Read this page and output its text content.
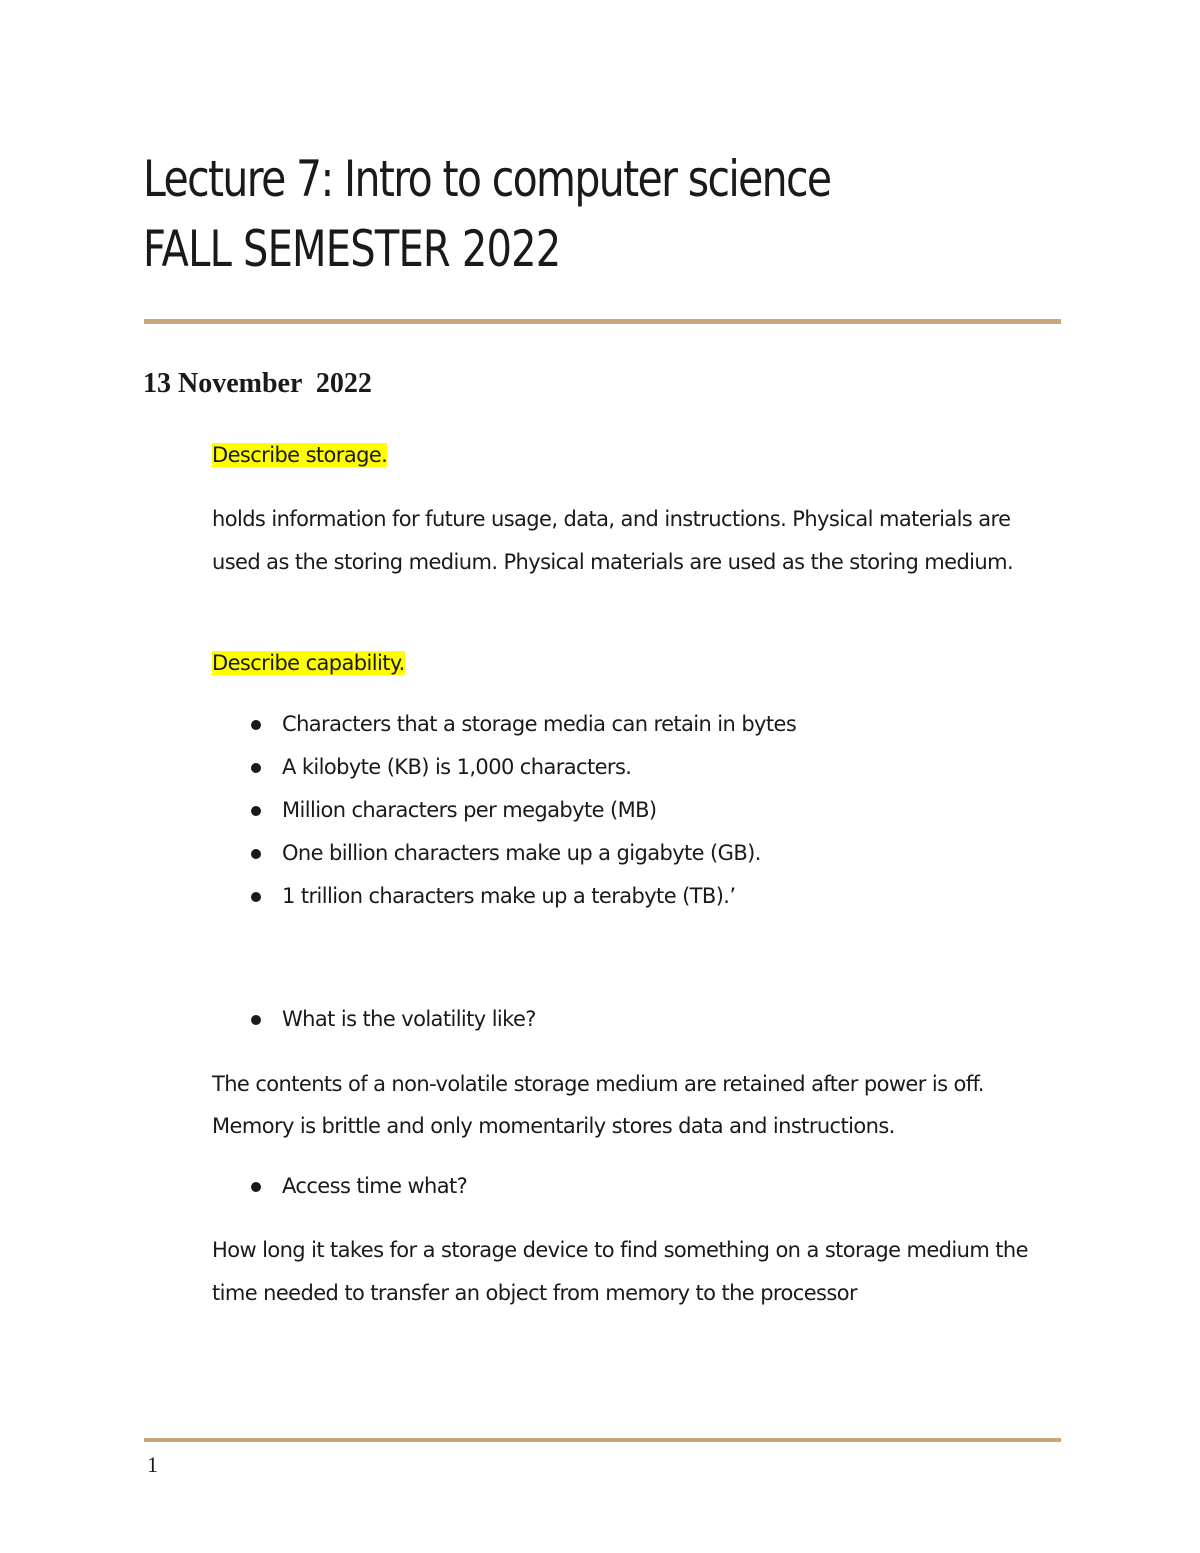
Lecture 7: Intro to computer science
FALL SEMESTER 2022
13 November  2022

Describe storage.

holds information for future usage, data, and instructions. Physical materials are used as the storing medium. Physical materials are used as the storing medium.

Describe capability.

Characters that a storage media can retain in bytes
A kilobyte (KB) is 1,000 characters.
Million characters per megabyte (MB)
One billion characters make up a gigabyte (GB).
1 trillion characters make up a terabyte (TB).’
What is the volatility like?

The contents of a non-volatile storage medium are retained after power is off. Memory is brittle and only momentarily stores data and instructions.

Access time what?

How long it takes for a storage device to find something on a storage medium the time needed to transfer an object from memory to the processor

1
